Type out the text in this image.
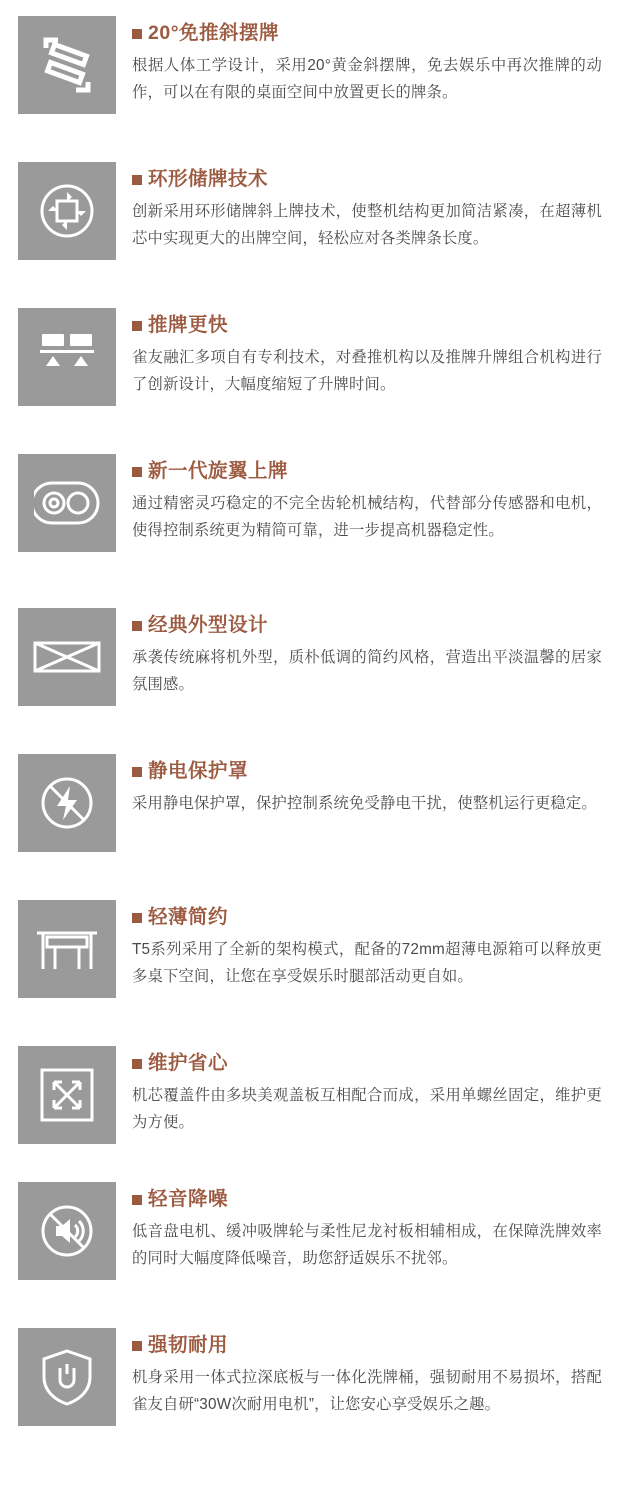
20°免推斜摆牌

根据人体工学设计，采用20°黄金斜摆牌，免去娱乐中再次推牌的动作，可以在有限的桌面空间中放置更长的牌条。

环形储牌技术

创新采用环形储牌斜上牌技术，使整机结构更加简洁紧凑，在超薄机芯中实现更大的出牌空间，轻松应对各类牌条长度。

推牌更快

雀友融汇多项自有专利技术，对叠推机构以及推牌升牌组合机构进行了创新设计，大幅度缩短了升牌时间。

新一代旋翼上牌

通过精密灵巧稳定的不完全齿轮机械结构，代替部分传感器和电机，使得控制系统更为精简可靠，进一步提高机器稳定性。

经典外型设计

承袭传统麻将机外型，质朴低调的简约风格，营造出平淡温馨的居家氛围感。

静电保护罩

采用静电保护罩，保护控制系统免受静电干扰，使整机运行更稳定。

轻薄简约

T5系列采用了全新的架构模式，配备的72mm超薄电源箱可以释放更多桌下空间，让您在享受娱乐时腿部活动更自如。

维护省心

机芯覆盖件由多块美观盖板互相配合而成，采用单螺丝固定，维护更为方便。

轻音降噪

低音盘电机、缓冲吸牌轮与柔性尼龙衬板相辅相成，在保障洗牌效率的同时大幅度降低噪音，助您舒适娱乐不扰邻。

强韧耐用

机身采用一体式拉深底板与一体化洗牌桶，强韧耐用不易损坏，搭配雀友自研“30W次耐用电机”，让您安心享受娱乐之趣。
